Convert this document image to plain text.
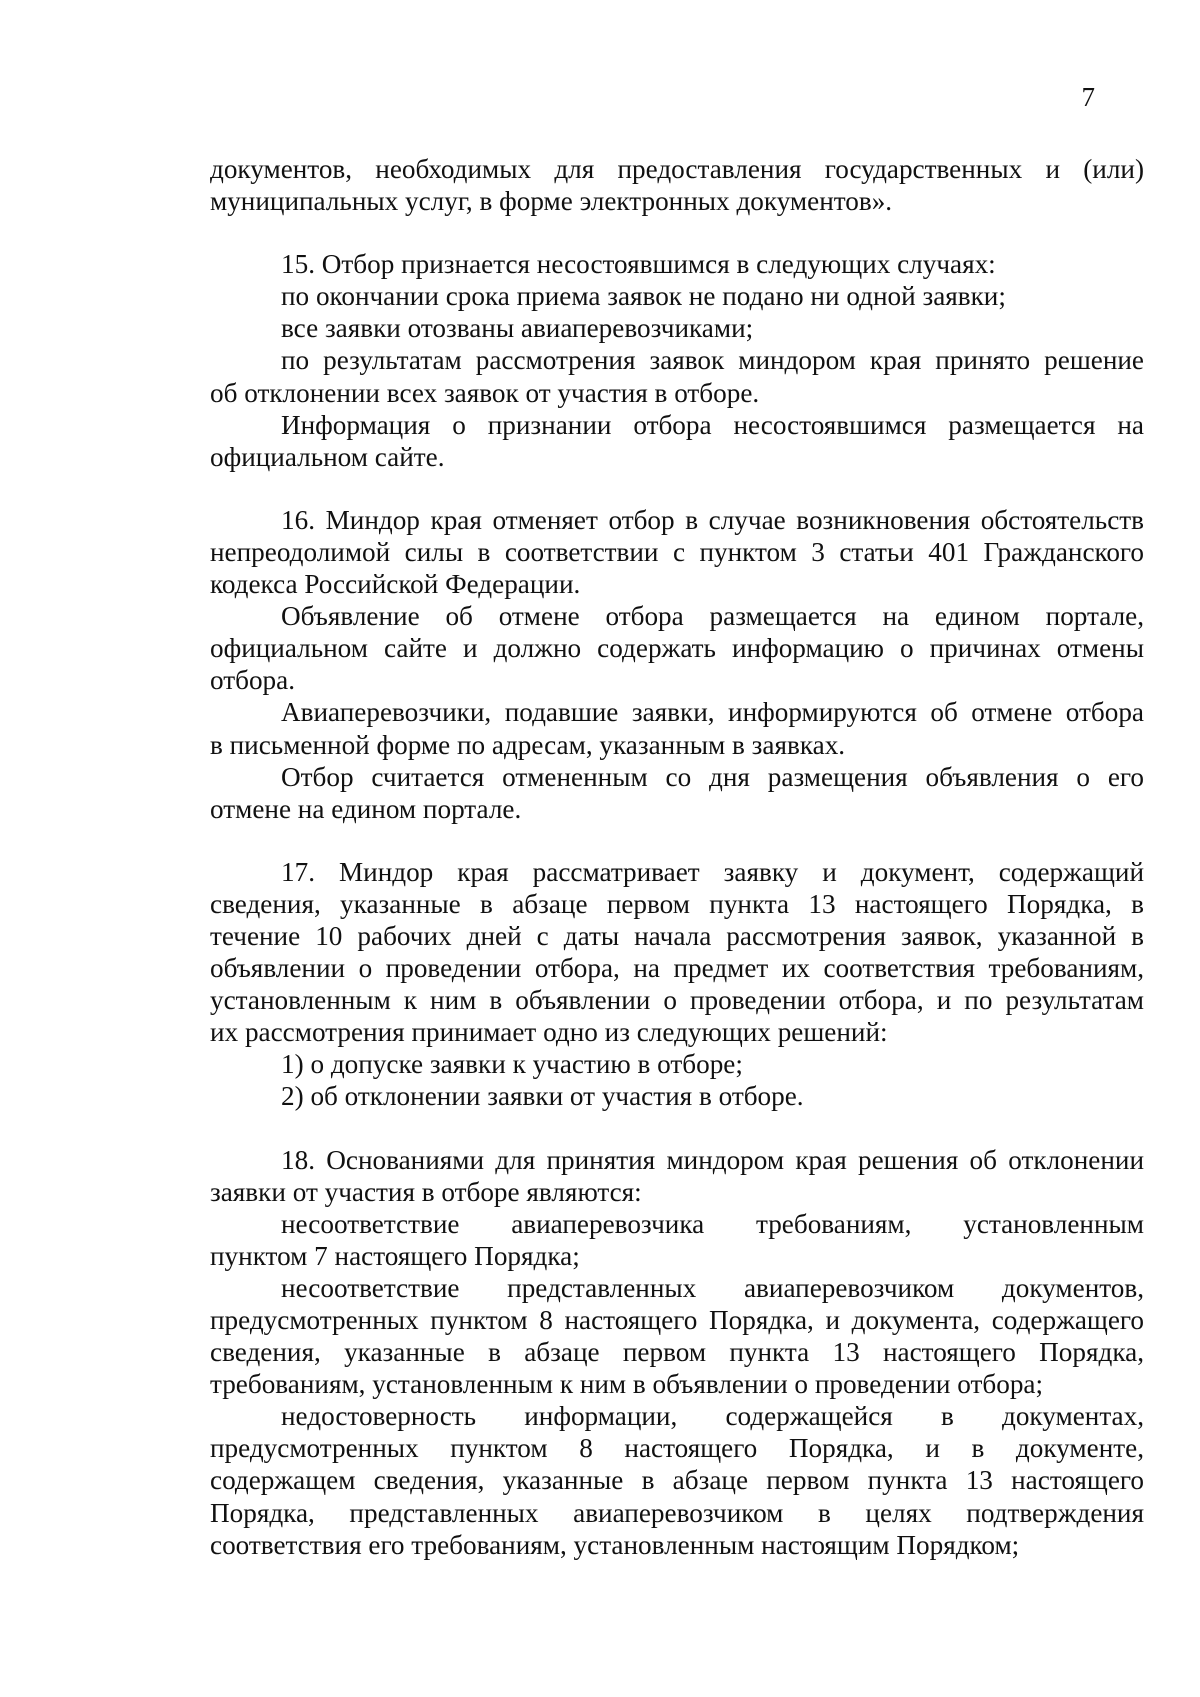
7

документов, необходимых для предоставления государственных и (или)
муниципальных услуг, в форме электронных документов».

15. Отбор признается несостоявшимся в следующих случаях:

по окончании срока приема заявок не подано ни одной заявки;

все заявки отозваны авиаперевозчиками;

по результатам рассмотрения заявок миндором края принято решение
об отклонении всех заявок от участия в отборе.

Информация о признании отбора несостоявшимся размещается на
официальном сайте.

16. Миндор края отменяет отбор в случае возникновения обстоятельств
непреодолимой силы в соответствии с пунктом 3 статьи 401 Гражданского
кодекса Российской Федерации.

Объявление об отмене отбора размещается на едином портале,
официальном сайте и должно содержать информацию о причинах отмены
отбора.

Авиаперевозчики, подавшие заявки, информируются об отмене отбора
в письменной форме по адресам, указанным в заявках.

Отбор считается отмененным со дня размещения объявления о его
отмене на едином портале.

17. Миндор края рассматривает заявку и документ, содержащий
сведения, указанные в абзаце первом пункта 13 настоящего Порядка, в
течение 10 рабочих дней с даты начала рассмотрения заявок, указанной в
объявлении о проведении отбора, на предмет их соответствия требованиям,
установленным к ним в объявлении о проведении отбора, и по результатам
их рассмотрения принимает одно из следующих решений:

1) о допуске заявки к участию в отборе;

2) об отклонении заявки от участия в отборе.

18. Основаниями для принятия миндором края решения об отклонении
заявки от участия в отборе являются:

несоответствие авиаперевозчика требованиям, установленным
пунктом 7 настоящего Порядка;

несоответствие представленных авиаперевозчиком документов,
предусмотренных пунктом 8 настоящего Порядка, и документа, содержащего
сведения, указанные в абзаце первом пункта 13 настоящего Порядка,
требованиям, установленным к ним в объявлении о проведении отбора;

недостоверность информации, содержащейся в документах,
предусмотренных пунктом 8 настоящего Порядка, и в документе,
содержащем сведения, указанные в абзаце первом пункта 13 настоящего
Порядка, представленных авиаперевозчиком в целях подтверждения
соответствия его требованиям, установленным настоящим Порядком;
